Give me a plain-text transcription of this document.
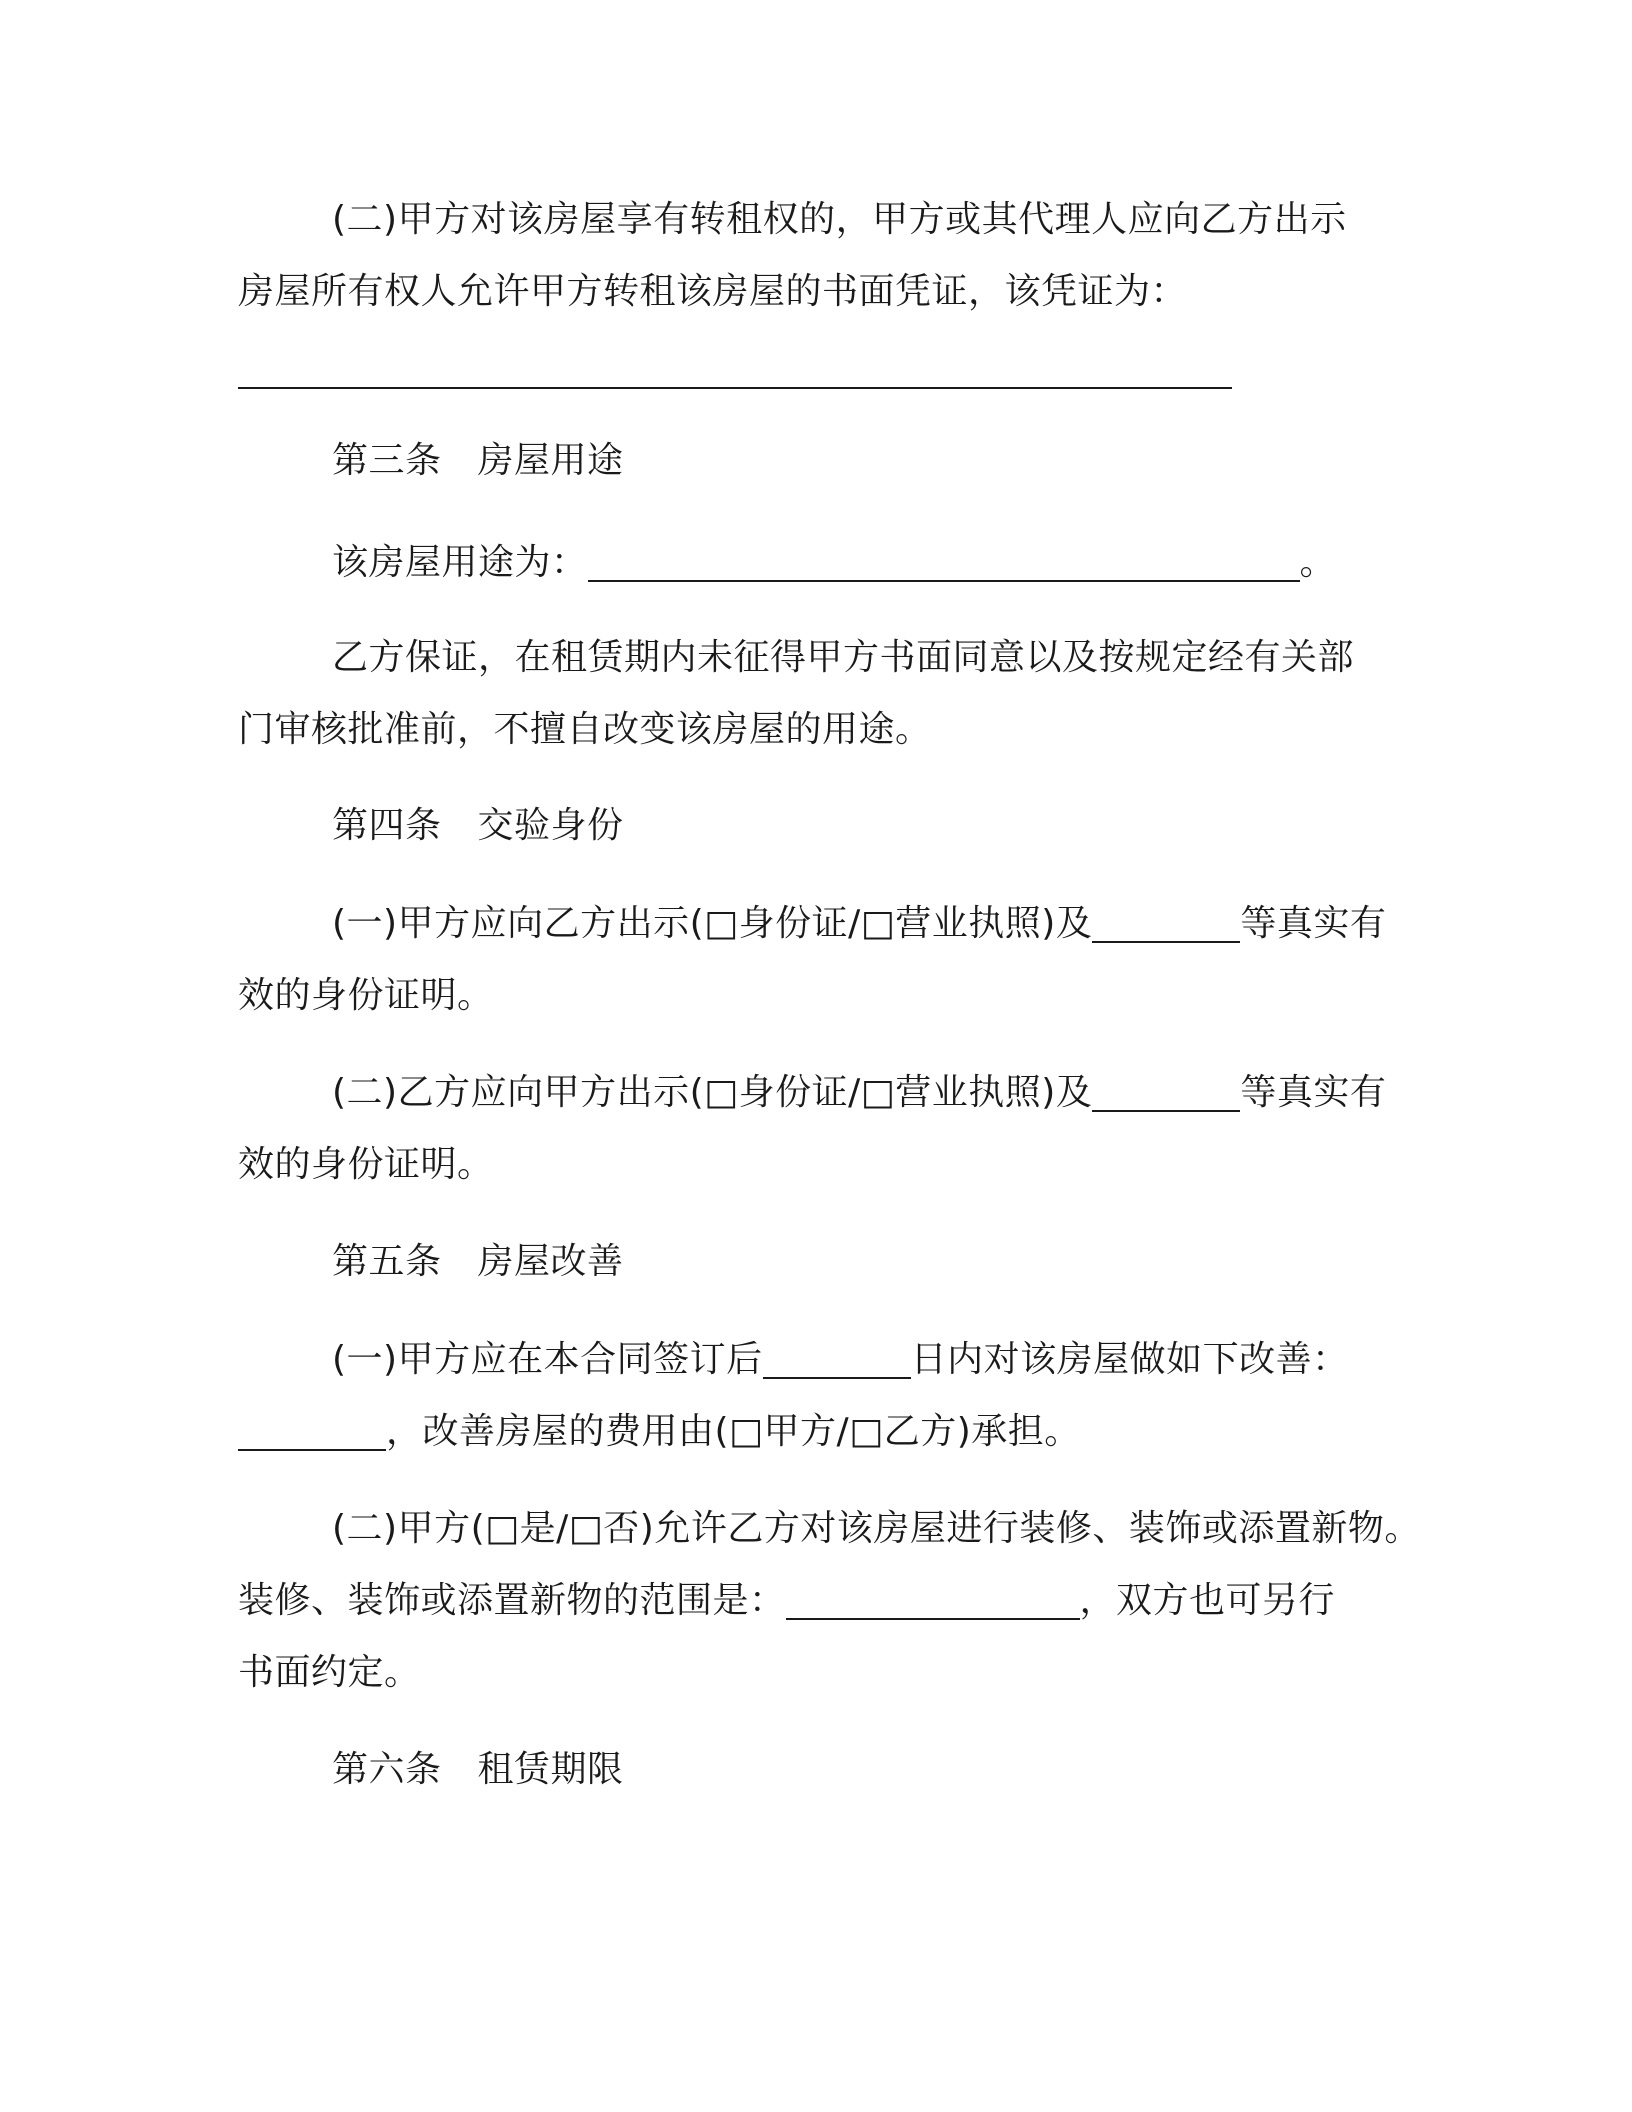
(二)甲方对该房屋享有转租权的，甲方或其代理人应向乙方出示
房屋所有权人允许甲方转租该房屋的书面凭证，该凭证为：
第三条 房屋用途
该房屋用途为：	。
乙方保证，在租赁期内未征得甲方书面同意以及按规定经有关部
门审核批准前，不擅自改变该房屋的用途。
第四条 交验身份
(一)甲方应向乙方出示(□身份证/□营业执照)及	等真实有
效的身份证明。
(二)乙方应向甲方出示(□身份证/□营业执照)及	等真实有
效的身份证明。
第五条 房屋改善
(一)甲方应在本合同签订后	日内对该房屋做如下改善：
，改善房屋的费用由(□甲方/□乙方)承担。
(二)甲方(□是/□否)允许乙方对该房屋进行装修、装饰或添置新物。
装修、装饰或添置新物的范围是：	，双方也可另行
书面约定。
第六条 租赁期限
